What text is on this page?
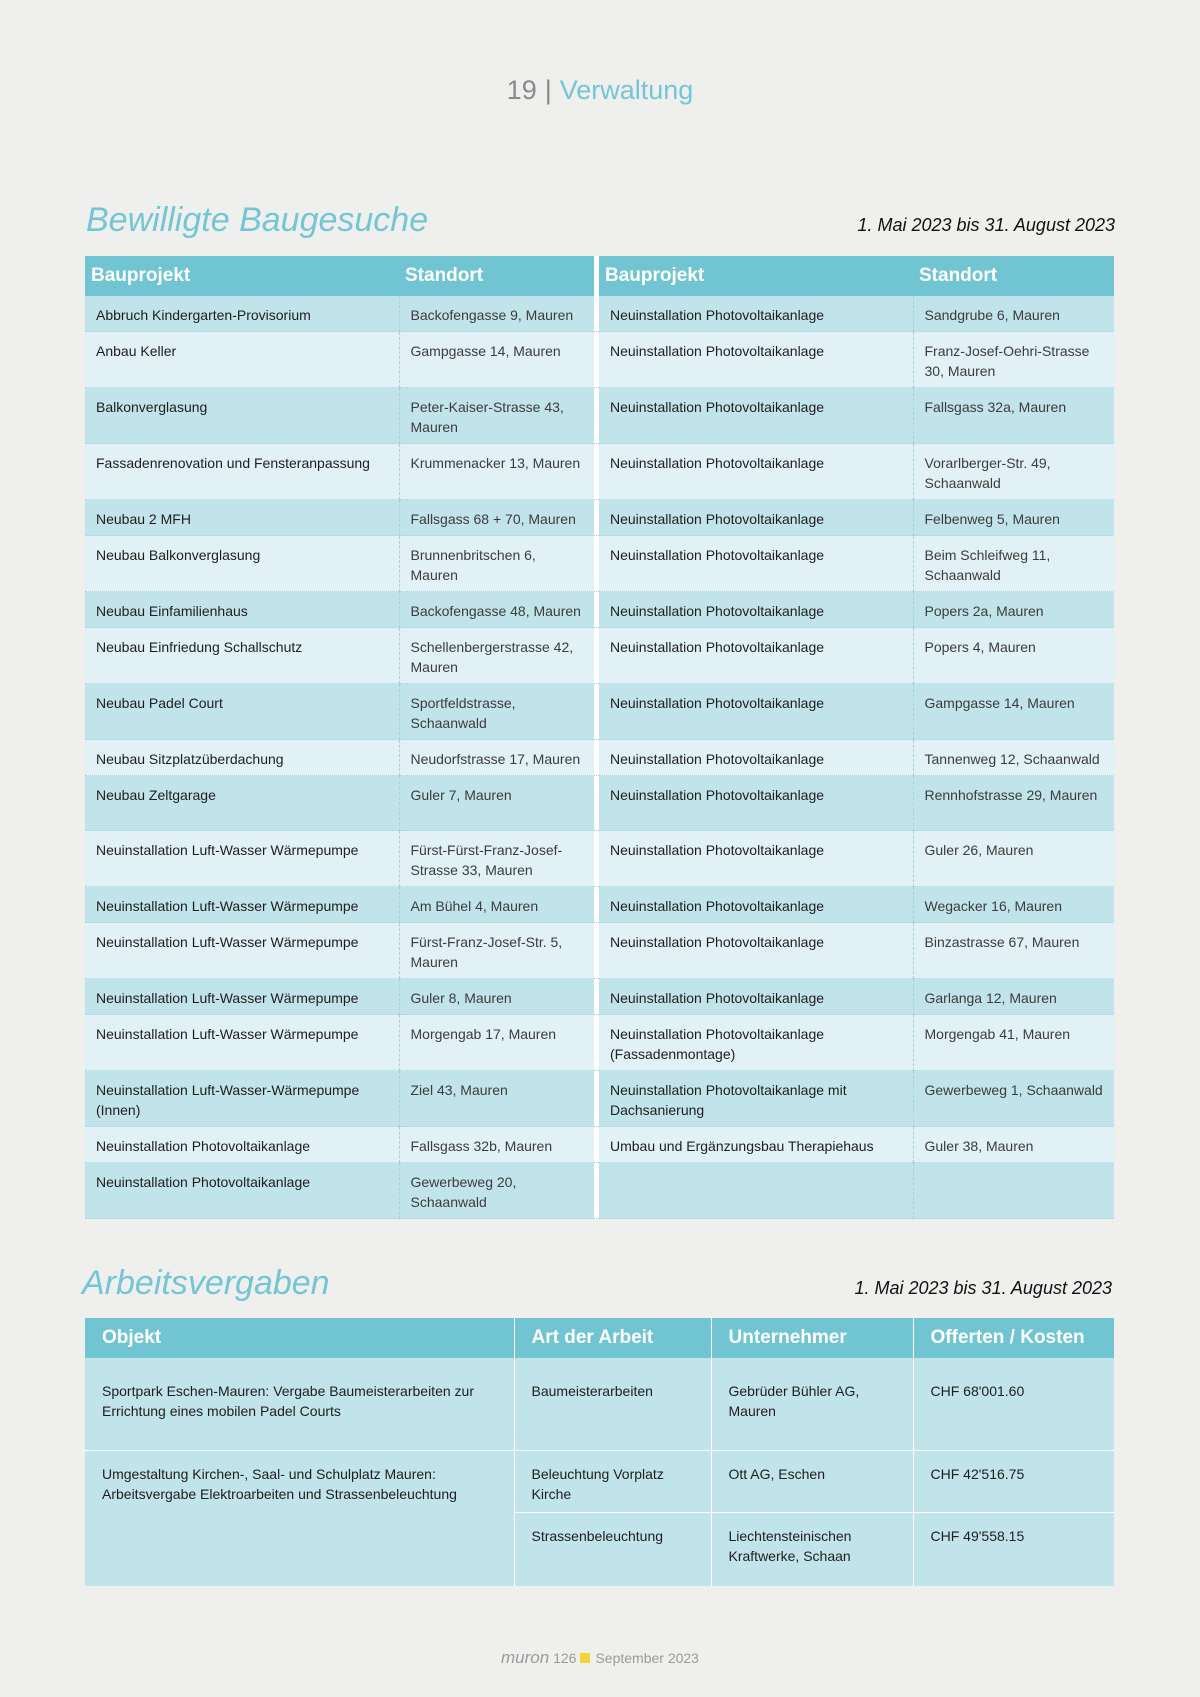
19 | Verwaltung
Bewilligte Baugesuche	1. Mai 2023 bis 31. August 2023
Bauprojekt	Standort		Bauprojekt	Standort
Abbruch Kindergarten-Provisorium	Backofengasse 9, Mauren		Neuinstallation Photovoltaikanlage	Sandgrube 6, Mauren
Anbau Keller	Gampgasse 14, Mauren		Neuinstallation Photovoltaikanlage	Franz-Josef-Oehri-Strasse 30, Mauren
Balkonverglasung	Peter-Kaiser-Strasse 43, Mauren		Neuinstallation Photovoltaikanlage	Fallsgass 32a, Mauren
Fassadenrenovation und Fensteranpassung	Krummenacker 13, Mauren		Neuinstallation Photovoltaikanlage	Vorarlberger-Str. 49, Schaanwald
Neubau 2 MFH	Fallsgass 68 + 70, Mauren		Neuinstallation Photovoltaikanlage	Felbenweg 5, Mauren
Neubau Balkonverglasung	Brunnenbritschen 6, Mauren		Neuinstallation Photovoltaikanlage	Beim Schleifweg 11, Schaanwald
Neubau Einfamilienhaus	Backofengasse 48, Mauren		Neuinstallation Photovoltaikanlage	Popers 2a, Mauren
Neubau Einfriedung Schallschutz	Schellenbergerstrasse 42, Mauren		Neuinstallation Photovoltaikanlage	Popers 4, Mauren
Neubau Padel Court	Sportfeldstrasse, Schaanwald		Neuinstallation Photovoltaikanlage	Gampgasse 14, Mauren
Neubau Sitzplatzüberdachung	Neudorfstrasse 17, Mauren		Neuinstallation Photovoltaikanlage	Tannenweg 12, Schaanwald
Neubau Zeltgarage	Guler 7, Mauren		Neuinstallation Photovoltaikanlage	Rennhofstrasse 29, Mauren
Neuinstallation Luft-Wasser Wärmepumpe	Fürst-Fürst-Franz-Josef-Strasse 33, Mauren		Neuinstallation Photovoltaikanlage	Guler 26, Mauren
Neuinstallation Luft-Wasser Wärmepumpe	Am Bühel 4, Mauren		Neuinstallation Photovoltaikanlage	Wegacker 16, Mauren
Neuinstallation Luft-Wasser Wärmepumpe	Fürst-Franz-Josef-Str. 5, Mauren		Neuinstallation Photovoltaikanlage	Binzastrasse 67, Mauren
Neuinstallation Luft-Wasser Wärmepumpe	Guler 8, Mauren		Neuinstallation Photovoltaikanlage	Garlanga 12, Mauren
Neuinstallation Luft-Wasser Wärmepumpe	Morgengab 17, Mauren		Neuinstallation Photovoltaikanlage (Fassadenmontage)	Morgengab 41, Mauren
Neuinstallation Luft-Wasser-Wärmepumpe (Innen)	Ziel 43, Mauren		Neuinstallation Photovoltaikanlage mit Dachsanierung	Gewerbeweg 1, Schaanwald
Neuinstallation Photovoltaikanlage	Fallsgass 32b, Mauren		Umbau und Ergänzungsbau Therapiehaus	Guler 38, Mauren
Neuinstallation Photovoltaikanlage	Gewerbeweg 20, Schaanwald			
Arbeitsvergaben	1. Mai 2023 bis 31. August 2023
Objekt	Art der Arbeit	Unternehmer	Offerten / Kosten
Sportpark Eschen-Mauren: Vergabe Baumeisterarbeiten zur Errichtung eines mobilen Padel Courts	Baumeisterarbeiten	Gebrüder Bühler AG, Mauren	CHF 68'001.60
Umgestaltung Kirchen-, Saal- und Schulplatz Mauren: Arbeitsvergabe Elektroarbeiten und Strassenbeleuchtung	Beleuchtung Vorplatz Kirche	Ott AG, Eschen	CHF 42'516.75
	Strassenbeleuchtung	Liechtensteinischen Kraftwerke, Schaan	CHF 49'558.15
muron 126 September 2023
